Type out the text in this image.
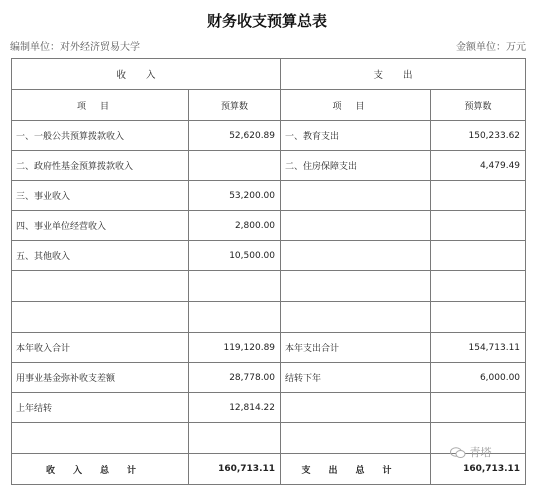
财务收支预算总表
编制单位：对外经济贸易大学	金额单位：万元
收入		支出	
项目	预算数	项目	预算数
一、一般公共预算拨款收入	52,620.89	一、教育支出	150,233.62
二、政府性基金预算拨款收入		二、住房保障支出	4,479.49
三、事业收入	53,200.00		
四、事业单位经营收入	2,800.00		
五、其他收入	10,500.00		

本年收入合计	119,120.89	本年支出合计	154,713.11
用事业基金弥补收支差额	28,778.00	结转下年	6,000.00
上年结转	12,814.22		

收入总计	160,713.11	支出总计	160,713.11
青塔
